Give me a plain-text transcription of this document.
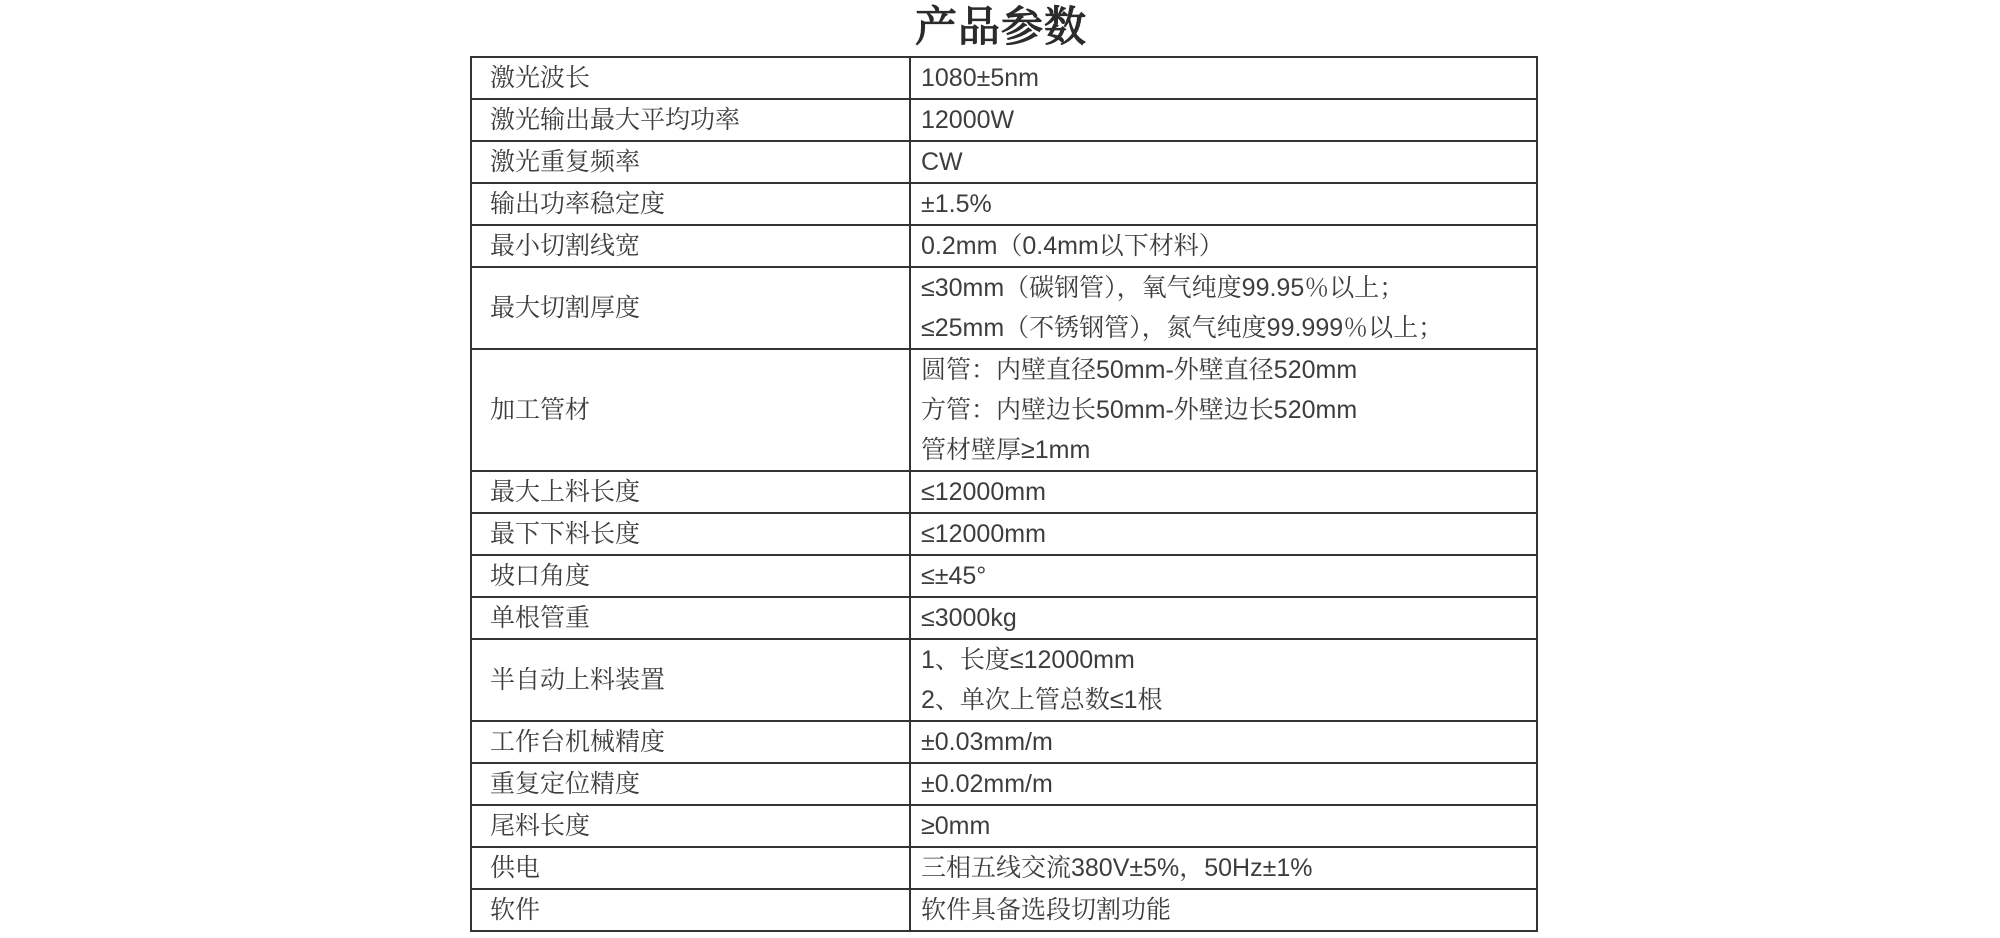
产品参数
激光波长	1080±5nm

激光输出最大平均功率	12000W

激光重复频率	CW

输出功率稳定度	±1.5%

最小切割线宽	0.2mm（0.4mm以下材料）

最大切割厚度	≤30mm（碳钢管），氧气纯度99.95％以上；
≤25mm（不锈钢管），氮气纯度99.999％以上；

加工管材	圆管：内壁直径50mm-外壁直径520mm
方管：内壁边长50mm-外壁边长520mm
管材壁厚≥1mm

最大上料长度	≤12000mm

最下下料长度	≤12000mm

坡口角度	≤±45°

单根管重	≤3000kg

半自动上料装置	1、长度≤12000mm
2、单次上管总数≤1根

工作台机械精度	±0.03mm/m

重复定位精度	±0.02mm/m

尾料长度	≥0mm

供电	三相五线交流380V±5%，50Hz±1%

软件	软件具备选段切割功能
